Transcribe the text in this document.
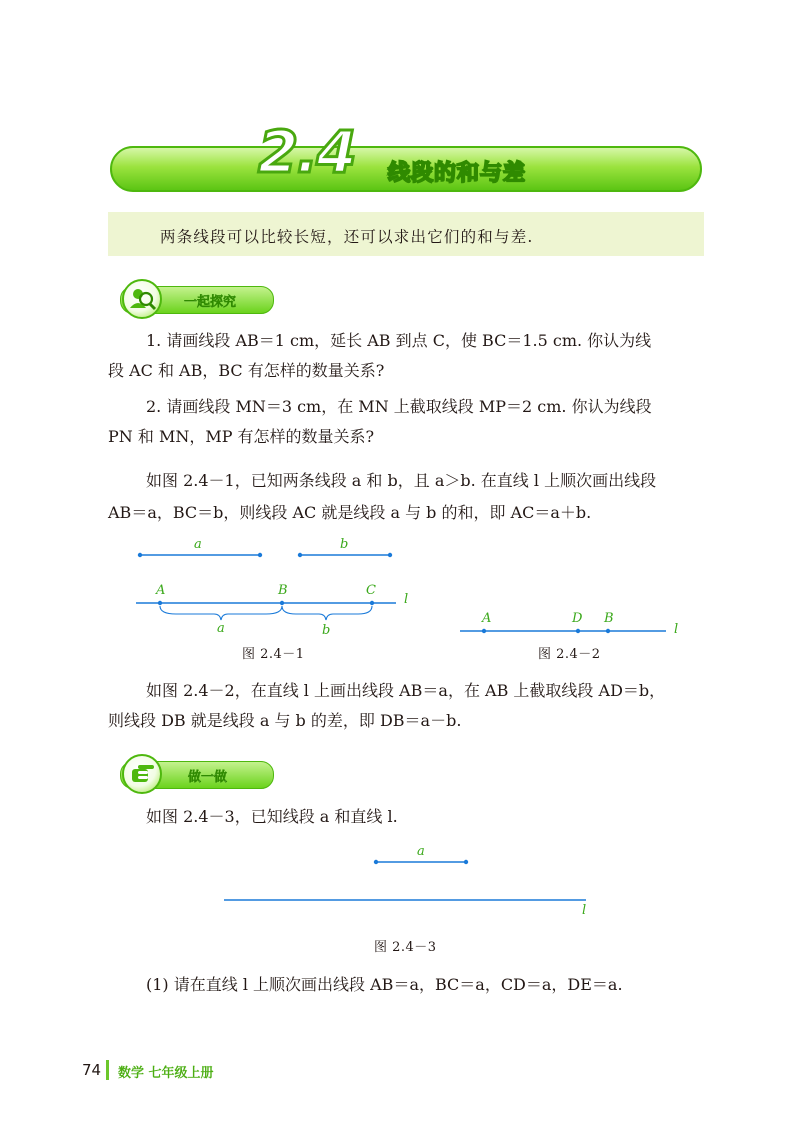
2.4 线段的和与差
两条线段可以比较长短，还可以求出它们的和与差.
一起探究
1. 请画线段 AB＝1 cm，延长 AB 到点 C，使 BC＝1.5 cm. 你认为线
段 AC 和 AB，BC 有怎样的数量关系?
2. 请画线段 MN＝3 cm，在 MN 上截取线段 MP＝2 cm. 你认为线段
PN 和 MN，MP 有怎样的数量关系?
如图 2.4－1，已知两条线段 a 和 b，且 a＞b. 在直线 l 上顺次画出线段
AB＝a，BC＝b，则线段 AC 就是线段 a 与 b 的和，即 AC＝a＋b.
a	b
A	B	C
l
a	b
图 2.4－1
A	D B
l
图 2.4－2
如图 2.4－2，在直线 l 上画出线段 AB＝a，在 AB 上截取线段 AD＝b，
则线段 DB 就是线段 a 与 b 的差，即 DB＝a－b.
做一做
如图 2.4－3，已知线段 a 和直线 l.
a
l
图 2.4－3
(1) 请在直线 l 上顺次画出线段 AB＝a，BC＝a，CD＝a，DE＝a.
74 数学 七年级上册
